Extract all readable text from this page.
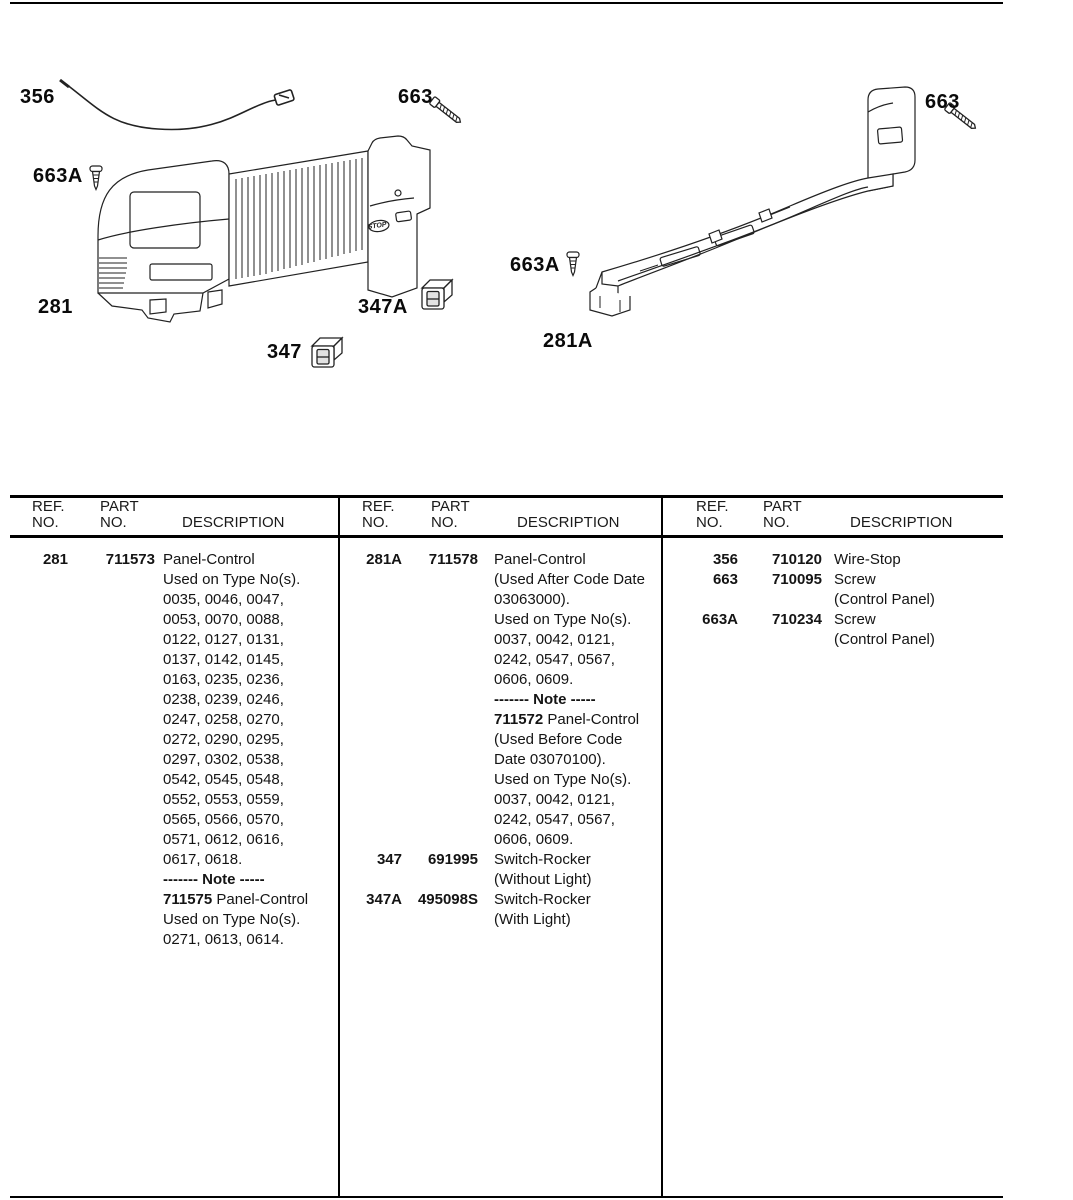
STOP
356	663	663
663A
281	347A
347
663A
281A
REF.
NO.
PART
NO.	DESCRIPTION
281	711573 Panel-Control
Used on Type No(s).
0035, 0046, 0047,
0053, 0070, 0088,
0122, 0127, 0131,
0137, 0142, 0145,
0163, 0235, 0236,
0238, 0239, 0246,
0247, 0258, 0270,
0272, 0290, 0295,
0297, 0302, 0538,
0542, 0545, 0548,
0552, 0553, 0559,
0565, 0566, 0570,
0571, 0612, 0616,
0617, 0618.
------- Note -----
711575 Panel-Control
Used on Type No(s).
0271, 0613, 0614.
REF.
NO.
PART
NO.	DESCRIPTION
281A	711578 Panel-Control
(Used After Code Date
03063000).
Used on Type No(s).
0037, 0042, 0121,
0242, 0547, 0567,
0606, 0609.
------- Note -----
711572 Panel-Control
(Used Before Code
Date 03070100).
Used on Type No(s).
0037, 0042, 0121,
0242, 0547, 0567,
0606, 0609.
347	691995 Switch-Rocker
(Without Light)
347A	495098S Switch-Rocker
(With Light)
REF.
NO.
PART
NO.	DESCRIPTION
356	710120 Wire-Stop
663	710095 Screw
(Control Panel)
663A	710234 Screw
(Control Panel)
